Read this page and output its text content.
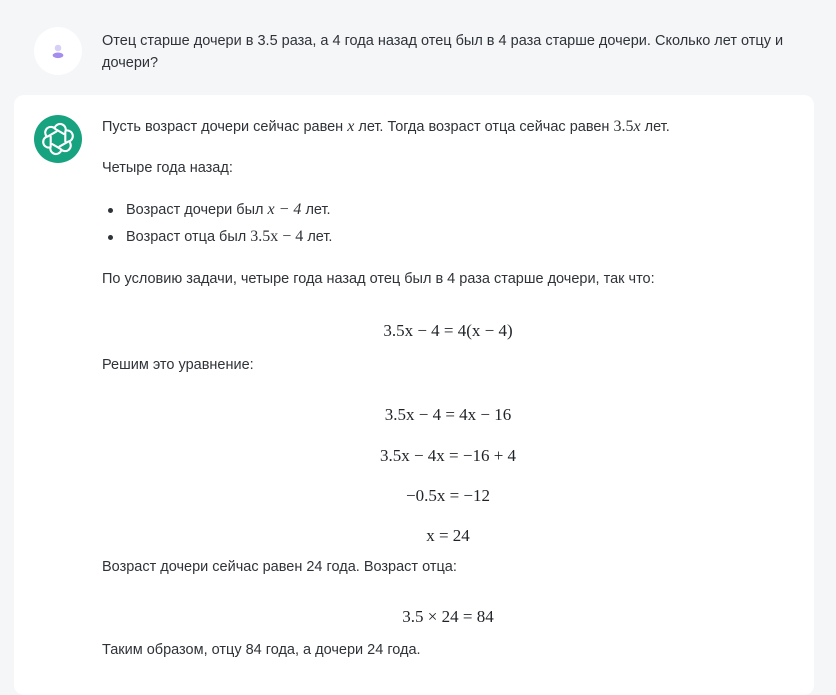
Отец старше дочери в 3.5 раза, а 4 года назад отец был в 4 раза старше дочери. Сколько лет отцу и дочери?
Пусть возраст дочери сейчас равен x лет. Тогда возраст отца сейчас равен 3.5x лет.
Четыре года назад:
Возраст дочери был x − 4 лет.
Возраст отца был 3.5x − 4 лет.
По условию задачи, четыре года назад отец был в 4 раза старше дочери, так что:
3.5x − 4 = 4(x − 4)
Решим это уравнение:
3.5x − 4 = 4x − 16
3.5x − 4x = −16 + 4
−0.5x = −12
x = 24
Возраст дочери сейчас равен 24 года. Возраст отца:
3.5 × 24 = 84
Таким образом, отцу 84 года, а дочери 24 года.
